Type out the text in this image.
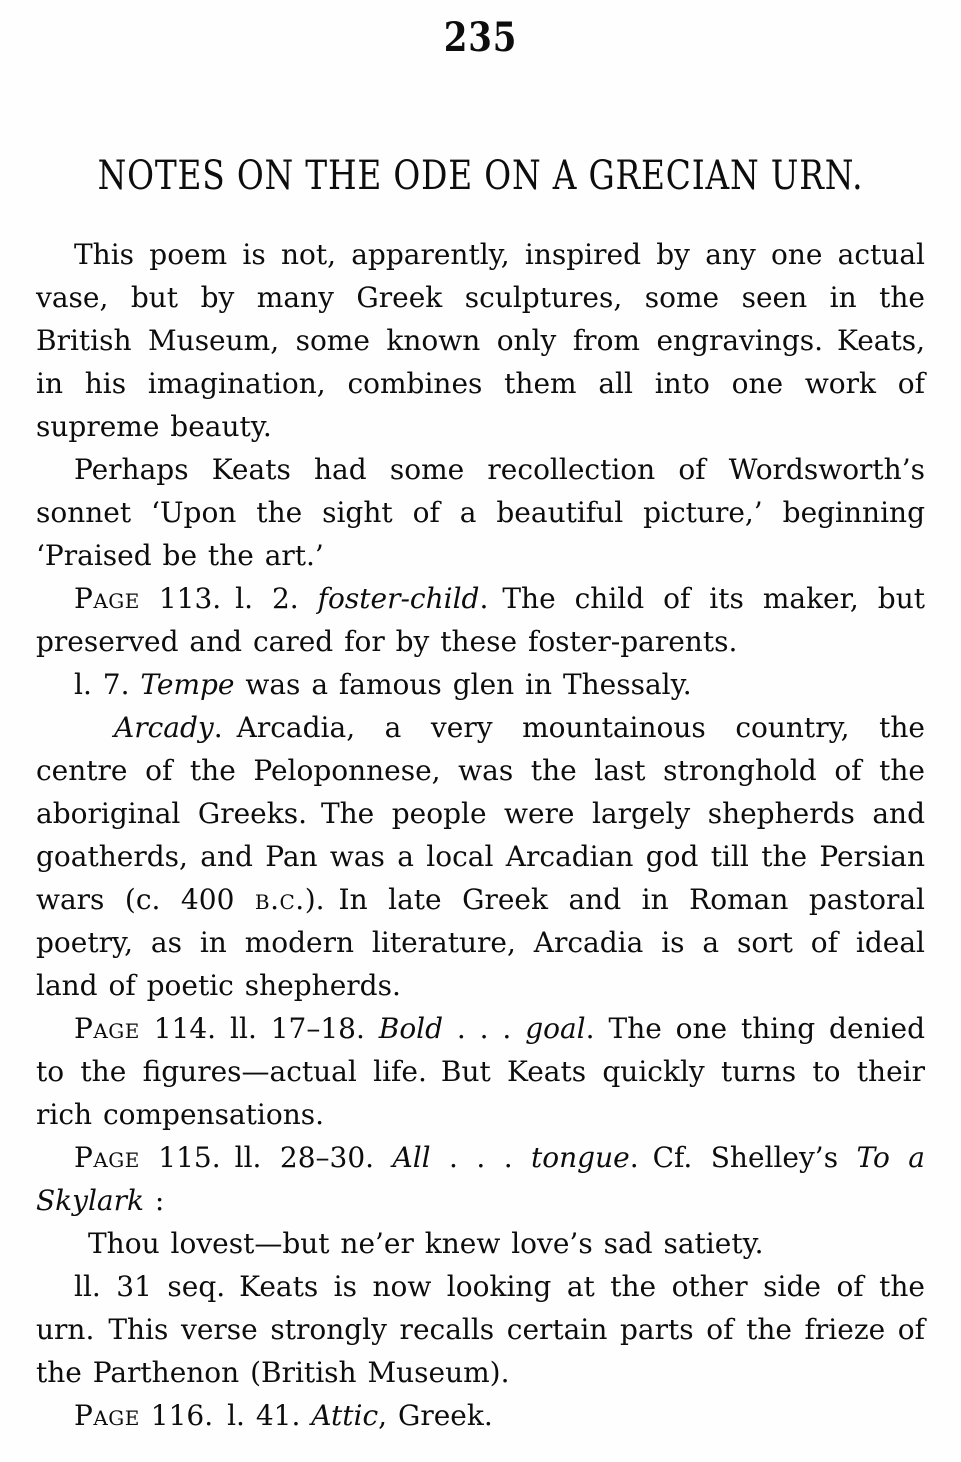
235
NOTES ON THE ODE ON A GRECIAN URN.

This poem is not, apparently, inspired by any one actual vase, but by many Greek sculptures, some seen in the British Museum, some known only from engravings. Keats, in his imagination, combines them all into one work of supreme beauty.

Perhaps Keats had some recollection of Wordsworth’s sonnet ‘Upon the sight of a beautiful picture,’ beginning ‘Praised be the art.’

Page 113. l. 2. foster-child. The child of its maker, but preserved and cared for by these foster-parents.

l. 7. Tempe was a famous glen in Thessaly.

Arcady. Arcadia, a very mountainous country, the centre of the Peloponnese, was the last stronghold of the aboriginal Greeks. The people were largely shepherds and goatherds, and Pan was a local Arcadian god till the Persian wars (c. 400 b.c.). In late Greek and in Roman pastoral poetry, as in modern literature, Arcadia is a sort of ideal land of poetic shepherds.

Page 114. ll. 17–18. Bold . . . goal. The one thing denied to the figures—actual life. But Keats quickly turns to their rich compensations.

Page 115. ll. 28–30. All . . . tongue. Cf. Shelley’s To a Skylark :

Thou lovest—but ne’er knew love’s sad satiety.

ll. 31 seq. Keats is now looking at the other side of the urn. This verse strongly recalls certain parts of the frieze of the Parthenon (British Museum).

Page 116. l. 41. Attic, Greek.
